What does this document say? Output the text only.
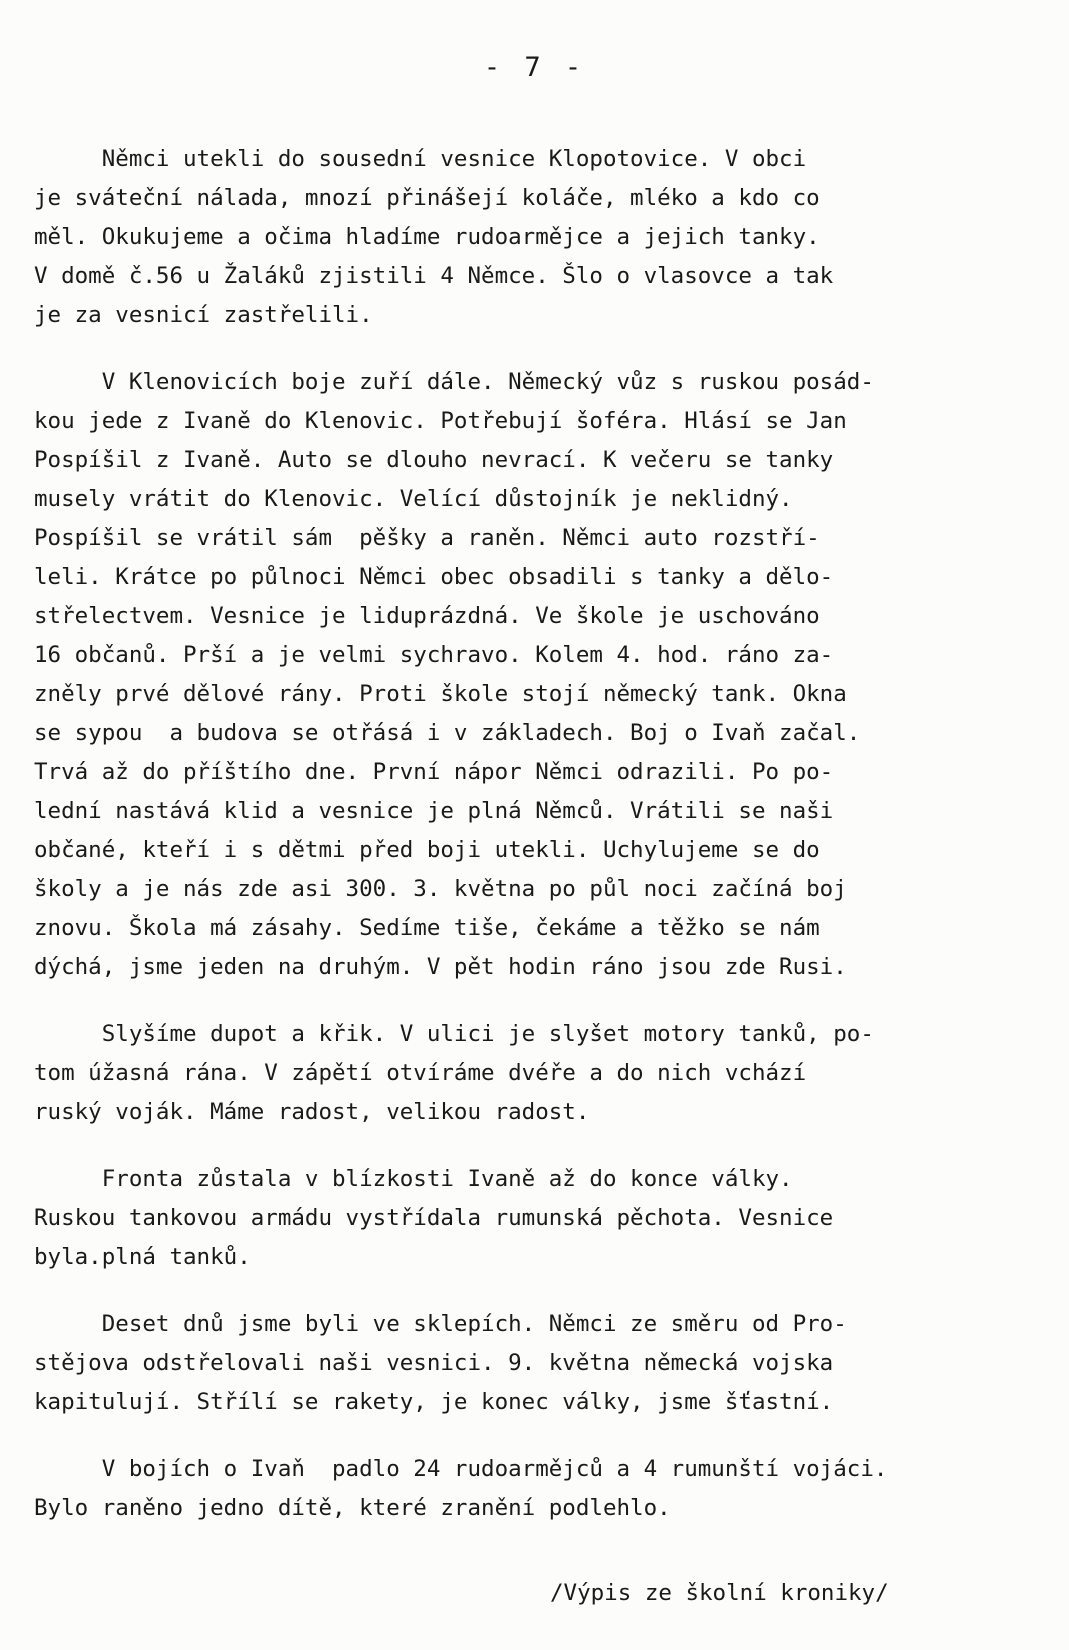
- 7 -

Němci utekli do sousední vesnice Klopotovice. V obci
je sváteční nálada, mnozí přinášejí koláče, mléko a kdo co
měl. Okukujeme a očima hladíme rudoarmějce a jejich tanky.
V domě č.56 u Žaláků zjistili 4 Němce. Šlo o vlasovce a tak
je za vesnicí zastřelili.

V Klenovicích boje zuří dále. Německý vůz s ruskou posád-
kou jede z Ivaně do Klenovic. Potřebují šoféra. Hlásí se Jan
Pospíšil z Ivaně. Auto se dlouho nevrací. K večeru se tanky
musely vrátit do Klenovic. Velící důstojník je neklidný.
Pospíšil se vrátil sám  pěšky a raněn. Němci auto rozstří-
leli. Krátce po půlnoci Němci obec obsadili s tanky a dělo-
střelectvem. Vesnice je liduprázdná. Ve škole je uschováno
16 občanů. Prší a je velmi sychravo. Kolem 4. hod. ráno za-
zněly prvé dělové rány. Proti škole stojí německý tank. Okna
se sypou  a budova se otřásá i v základech. Boj o Ivaň začal.
Trvá až do příštího dne. První nápor Němci odrazili. Po po-
lední nastává klid a vesnice je plná Němců. Vrátili se naši
občané, kteří i s dětmi před boji utekli. Uchylujeme se do
školy a je nás zde asi 300. 3. května po půl noci začíná boj
znovu. Škola má zásahy. Sedíme tiše, čekáme a těžko se nám
dýchá, jsme jeden na druhým. V pět hodin ráno jsou zde Rusi.

Slyšíme dupot a křik. V ulici je slyšet motory tanků, po-
tom úžasná rána. V zápětí otvíráme dvéře a do nich vchází
ruský voják. Máme radost, velikou radost.

Fronta zůstala v blízkosti Ivaně až do konce války.
Ruskou tankovou armádu vystřídala rumunská pěchota. Vesnice
byla.plná tanků.

Deset dnů jsme byli ve sklepích. Němci ze směru od Pro-
stějova odstřelovali naši vesnici. 9. května německá vojska
kapitulují. Střílí se rakety, je konec války, jsme šťastní.

V bojích o Ivaň  padlo 24 rudoarmějců a 4 rumunští vojáci.
Bylo raněno jedno dítě, které zranění podlehlo.

/Výpis ze školní kroniky/
